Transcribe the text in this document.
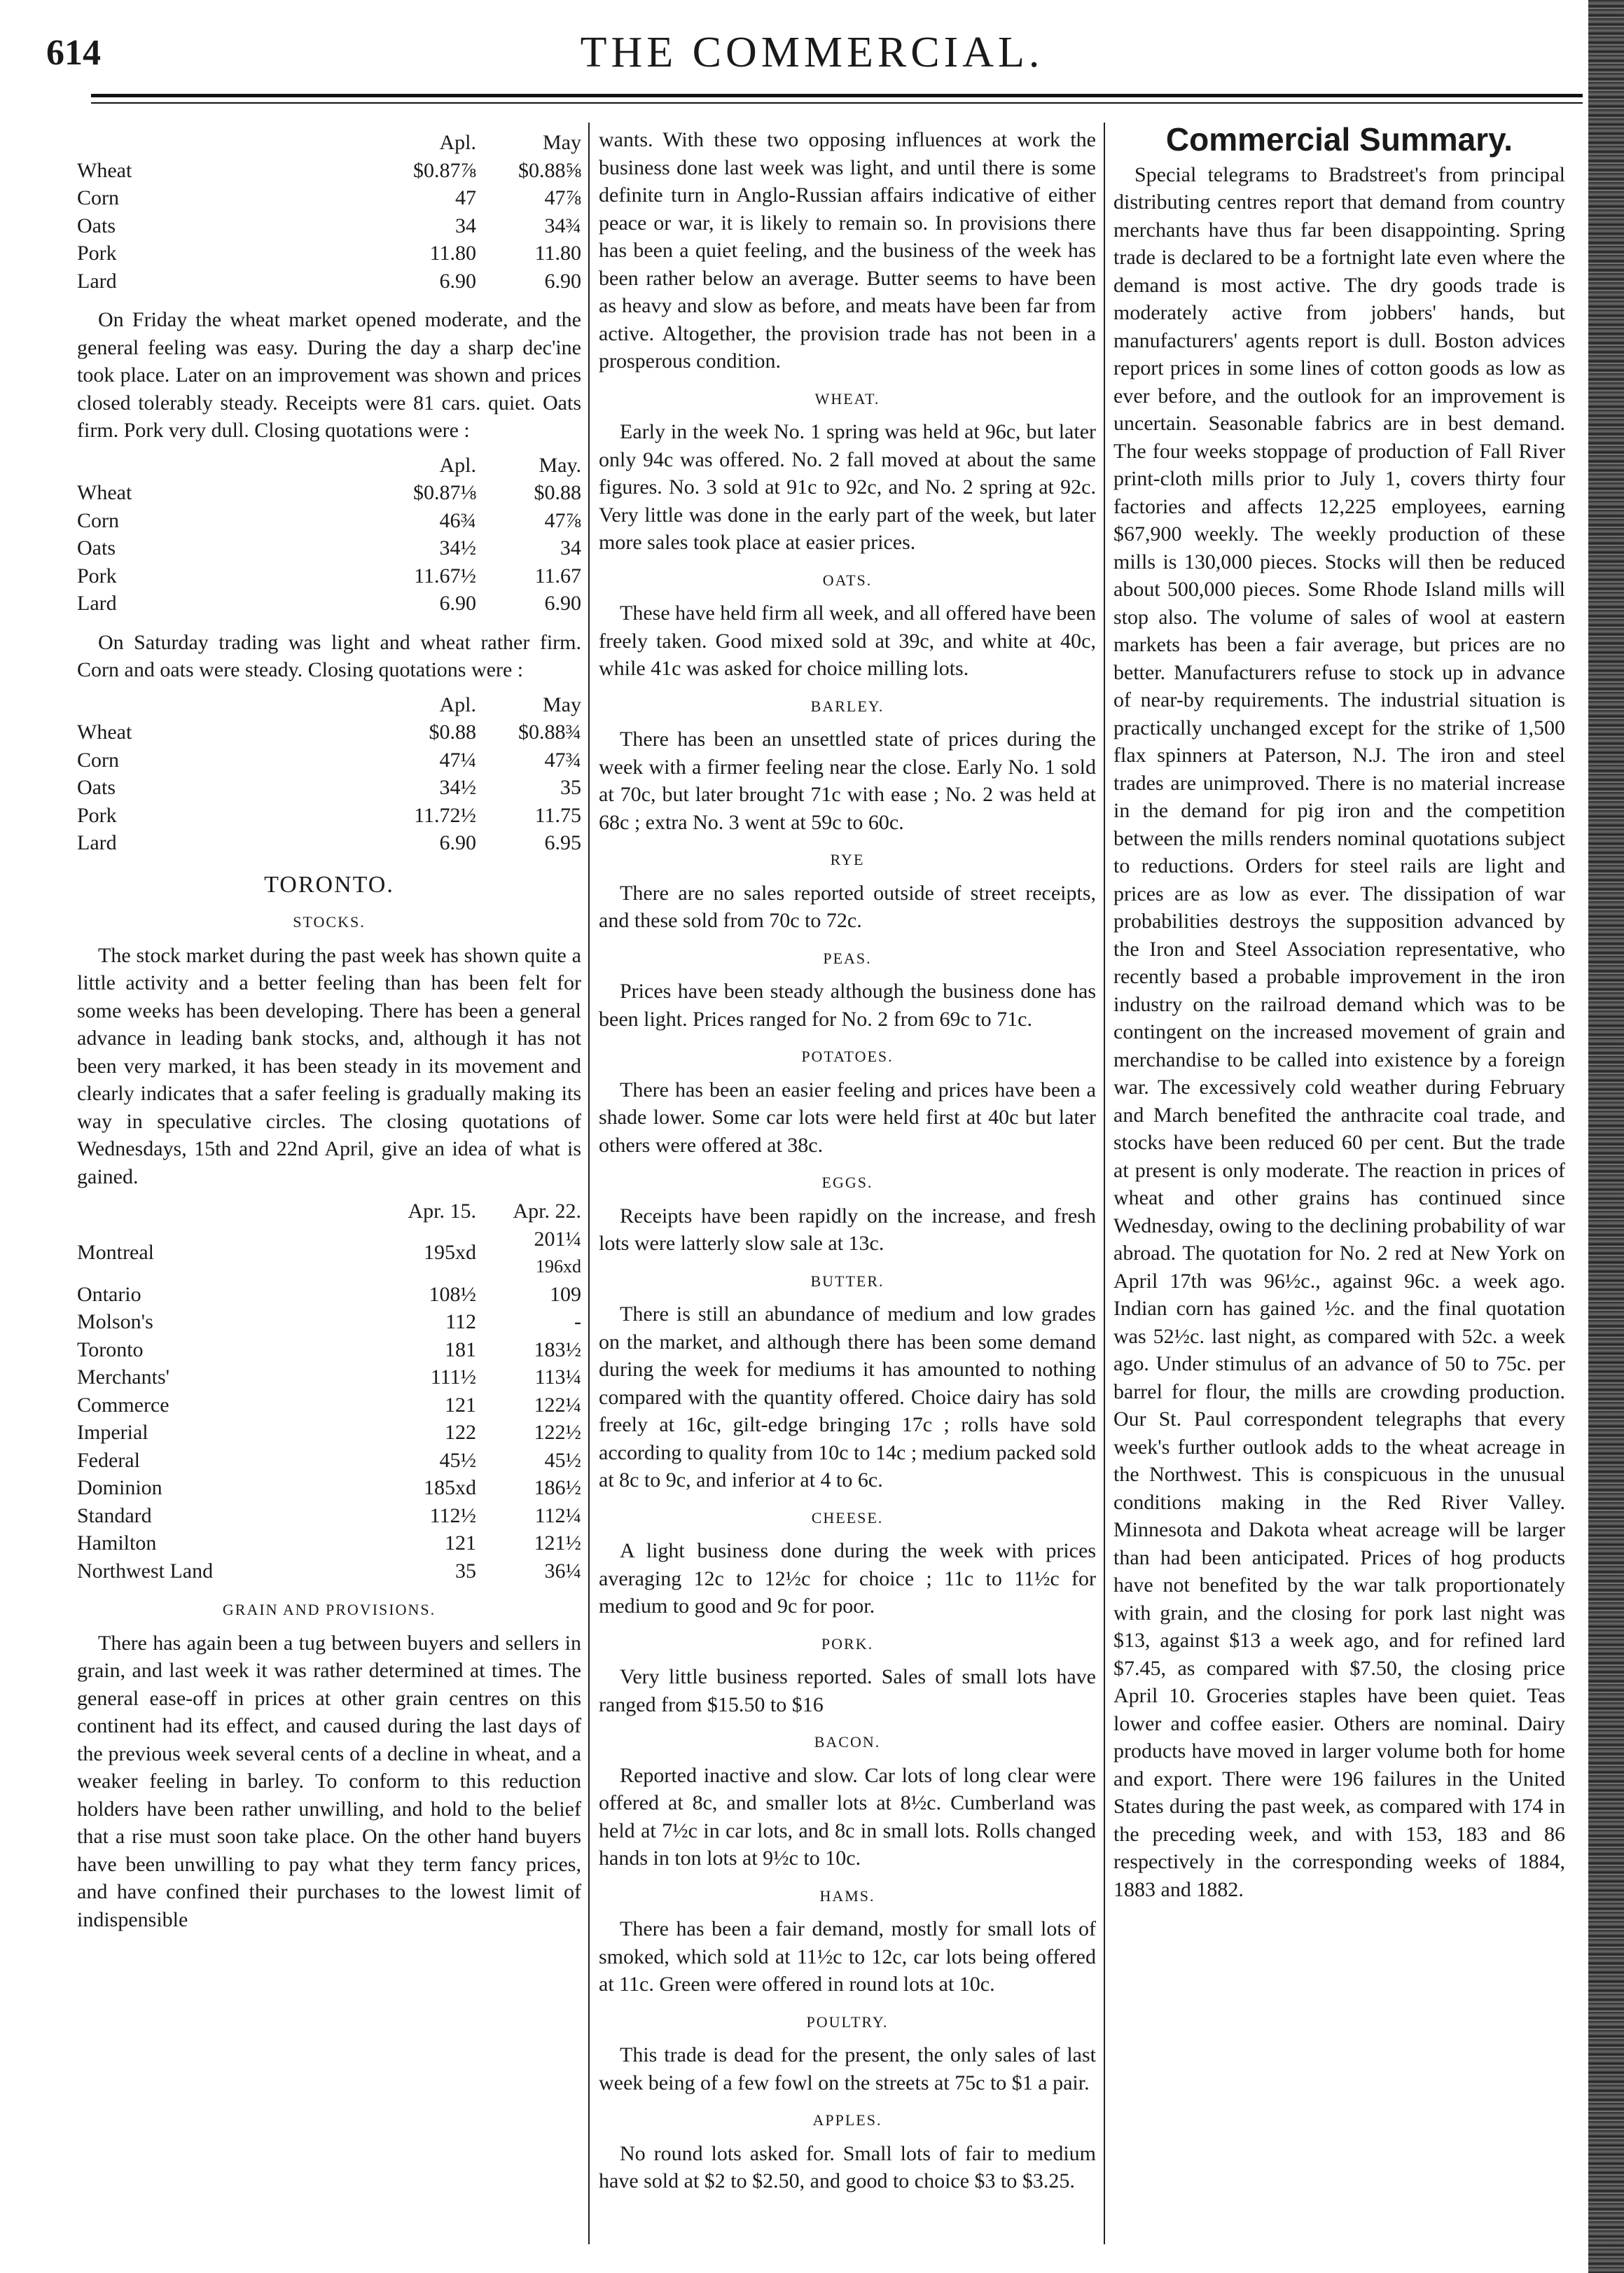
614	THE COMMERCIAL.
	Apl.	May
Wheat	$0.87⅞	$0.88⅝
Corn	47	47⅞
Oats	34	34¾
Pork	11.80	11.80
Lard	6.90	6.90

On Friday the wheat market opened moderate, and the general feeling was easy. During the day a sharp dec'ine took place. Later on an improvement was shown and prices closed tolerably steady. Receipts were 81 cars. quiet. Oats firm. Pork very dull. Closing quotations were :

	Apl.	May.
Wheat	$0.87⅛	$0.88
Corn	46¾	47⅞
Oats	34½	34
Pork	11.67½	11.67
Lard	6.90	6.90

On Saturday trading was light and wheat rather firm. Corn and oats were steady. Closing quotations were :

	Apl.	May
Wheat	$0.88	$0.88¾
Corn	47¼	47¾
Oats	34½	35
Pork	11.72½	11.75
Lard	6.90	6.95
TORONTO.
STOCKS.

The stock market during the past week has shown quite a little activity and a better feeling than has been felt for some weeks has been developing. There has been a general advance in leading bank stocks, and, although it has not been very marked, it has been steady in its movement and clearly indicates that a safer feeling is gradually making its way in speculative circles. The closing quotations of Wednesdays, 15th and 22nd April, give an idea of what is gained.

	Apr. 15.	Apr. 22.
Montreal	195xd	201¼
196xd

Ontario	108½	109
Molson's	112	-
Toronto	181	183½
Merchants'	111½	113¼
Commerce	121	122¼
Imperial	122	122½
Federal	45½	45½
Dominion	185xd	186½
Standard	112½	112¼
Hamilton	121	121½
Northwest Land	35	36¼
GRAIN AND PROVISIONS.

There has again been a tug between buyers and sellers in grain, and last week it was rather determined at times. The general ease-off in prices at other grain centres on this continent had its effect, and caused during the last days of the previous week several cents of a decline in wheat, and a weaker feeling in barley. To conform to this reduction holders have been rather unwilling, and hold to the belief that a rise must soon take place. On the other hand buyers have been unwilling to pay what they term fancy prices, and have confined their purchases to the lowest limit of indispensible

wants. With these two opposing influences at work the business done last week was light, and until there is some definite turn in Anglo-Russian affairs indicative of either peace or war, it is likely to remain so. In provisions there has been a quiet feeling, and the business of the week has been rather below an average. Butter seems to have been as heavy and slow as before, and meats have been far from active. Altogether, the provision trade has not been in a prosperous condition.

WHEAT.

Early in the week No. 1 spring was held at 96c, but later only 94c was offered. No. 2 fall moved at about the same figures. No. 3 sold at 91c to 92c, and No. 2 spring at 92c. Very little was done in the early part of the week, but later more sales took place at easier prices.

OATS.

These have held firm all week, and all offered have been freely taken. Good mixed sold at 39c, and white at 40c, while 41c was asked for choice milling lots.

BARLEY.

There has been an unsettled state of prices during the week with a firmer feeling near the close. Early No. 1 sold at 70c, but later brought 71c with ease ; No. 2 was held at 68c ; extra No. 3 went at 59c to 60c.

RYE

There are no sales reported outside of street receipts, and these sold from 70c to 72c.

PEAS.

Prices have been steady although the business done has been light. Prices ranged for No. 2 from 69c to 71c.

POTATOES.

There has been an easier feeling and prices have been a shade lower. Some car lots were held first at 40c but later others were offered at 38c.

EGGS.

Receipts have been rapidly on the increase, and fresh lots were latterly slow sale at 13c.

BUTTER.

There is still an abundance of medium and low grades on the market, and although there has been some demand during the week for mediums it has amounted to nothing compared with the quantity offered. Choice dairy has sold freely at 16c, gilt-edge bringing 17c ; rolls have sold according to quality from 10c to 14c ; medium packed sold at 8c to 9c, and inferior at 4 to 6c.

CHEESE.

A light business done during the week with prices averaging 12c to 12½c for choice ; 11c to 11½c for medium to good and 9c for poor.

PORK.

Very little business reported. Sales of small lots have ranged from $15.50 to $16

BACON.

Reported inactive and slow. Car lots of long clear were offered at 8c, and smaller lots at 8½c. Cumberland was held at 7½c in car lots, and 8c in small lots. Rolls changed hands in ton lots at 9½c to 10c.

HAMS.

There has been a fair demand, mostly for small lots of smoked, which sold at 11½c to 12c, car lots being offered at 11c. Green were offered in round lots at 10c.

POULTRY.

This trade is dead for the present, the only sales of last week being of a few fowl on the streets at 75c to $1 a pair.

APPLES.

No round lots asked for. Small lots of fair to medium have sold at $2 to $2.50, and good to choice $3 to $3.25.

Commercial Summary.

Special telegrams to Bradstreet's from principal distributing centres report that demand from country merchants have thus far been disappointing. Spring trade is declared to be a fortnight late even where the demand is most active. The dry goods trade is moderately active from jobbers' hands, but manufacturers' agents report is dull. Boston advices report prices in some lines of cotton goods as low as ever before, and the outlook for an improvement is uncertain. Seasonable fabrics are in best demand. The four weeks stoppage of production of Fall River print-cloth mills prior to July 1, covers thirty four factories and affects 12,225 employees, earning $67,900 weekly. The weekly production of these mills is 130,000 pieces. Stocks will then be reduced about 500,000 pieces. Some Rhode Island mills will stop also. The volume of sales of wool at eastern markets has been a fair average, but prices are no better. Manufacturers refuse to stock up in advance of near-by requirements. The industrial situation is practically unchanged except for the strike of 1,500 flax spinners at Paterson, N.J. The iron and steel trades are unimproved. There is no material increase in the demand for pig iron and the competition between the mills renders nominal quotations subject to reductions. Orders for steel rails are light and prices are as low as ever. The dissipation of war probabilities destroys the supposition advanced by the Iron and Steel Association representative, who recently based a probable improvement in the iron industry on the railroad demand which was to be contingent on the increased movement of grain and merchandise to be called into existence by a foreign war. The excessively cold weather during February and March benefited the anthracite coal trade, and stocks have been reduced 60 per cent. But the trade at present is only moderate. The reaction in prices of wheat and other grains has continued since Wednesday, owing to the declining probability of war abroad. The quotation for No. 2 red at New York on April 17th was 96½c., against 96c. a week ago. Indian corn has gained ½c. and the final quotation was 52½c. last night, as compared with 52c. a week ago. Under stimulus of an advance of 50 to 75c. per barrel for flour, the mills are crowding production. Our St. Paul correspondent telegraphs that every week's further outlook adds to the wheat acreage in the Northwest. This is conspicuous in the unusual conditions making in the Red River Valley. Minnesota and Dakota wheat acreage will be larger than had been anticipated. Prices of hog products have not benefited by the war talk proportionately with grain, and the closing for pork last night was $13, against $13 a week ago, and for refined lard $7.45, as compared with $7.50, the closing price April 10. Groceries staples have been quiet. Teas lower and coffee easier. Others are nominal. Dairy products have moved in larger volume both for home and export. There were 196 failures in the United States during the past week, as compared with 174 in the preceding week, and with 153, 183 and 86 respectively in the corresponding weeks of 1884, 1883 and 1882.
